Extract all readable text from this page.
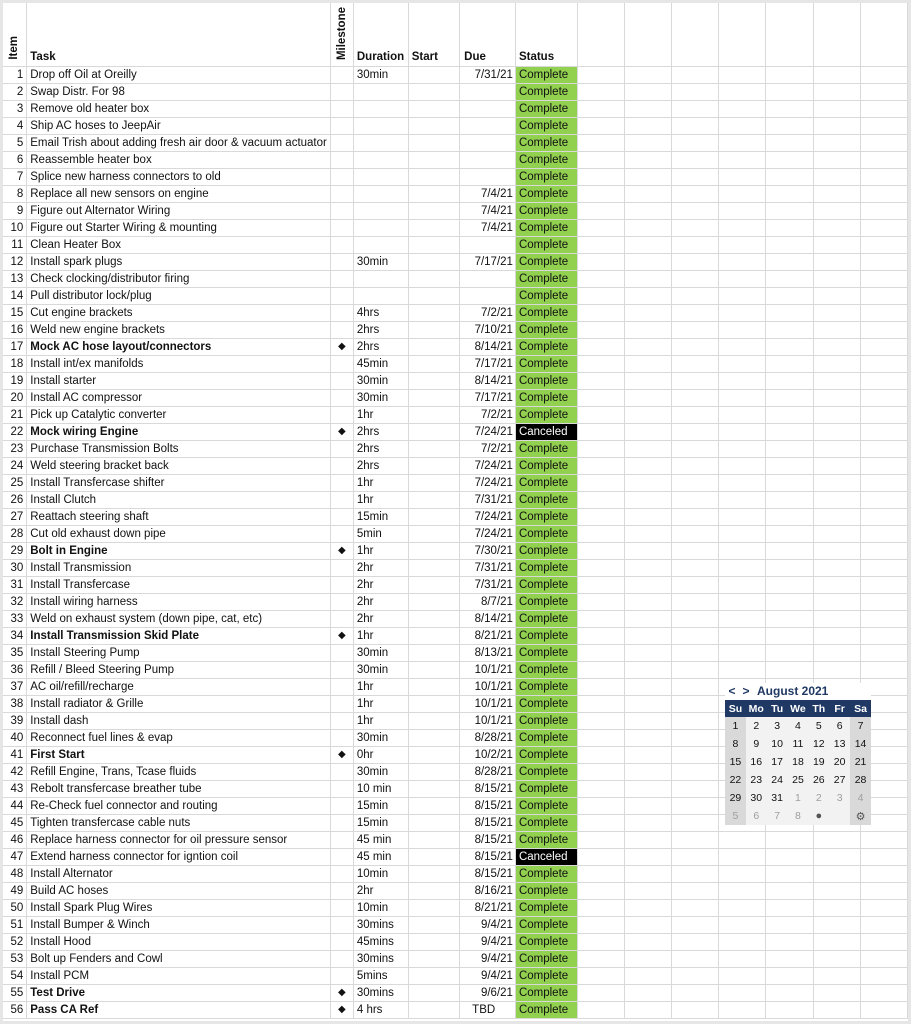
Item	Task	Milestone	Duration	Start	Due	Status							
1	Drop off Oil at Oreilly		30min		7/31/21	Complete							
2	Swap Distr. For 98					Complete							
3	Remove old heater box					Complete							
4	Ship AC hoses to JeepAir					Complete							
5	Email Trish about adding fresh air door & vacuum actuator					Complete							
6	Reassemble heater box					Complete							
7	Splice new harness connectors to old					Complete							
8	Replace all new sensors on engine				7/4/21	Complete							
9	Figure out Alternator Wiring				7/4/21	Complete							
10	Figure out Starter Wiring & mounting				7/4/21	Complete							
11	Clean Heater Box					Complete							
12	Install spark plugs		30min		7/17/21	Complete							
13	Check clocking/distributor firing					Complete							
14	Pull distributor lock/plug					Complete							
15	Cut engine brackets		4hrs		7/2/21	Complete							
16	Weld new engine brackets		2hrs		7/10/21	Complete							
17	Mock AC hose layout/connectors	◆	2hrs		8/14/21	Complete							
18	Install int/ex manifolds		45min		7/17/21	Complete							
19	Install starter		30min		8/14/21	Complete							
20	Install AC compressor		30min		7/17/21	Complete							
21	Pick up Catalytic converter		1hr		7/2/21	Complete							
22	Mock wiring Engine	◆	2hrs		7/24/21	Canceled							
23	Purchase Transmission Bolts		2hrs		7/2/21	Complete							
24	Weld steering bracket back		2hrs		7/24/21	Complete							
25	Install Transfercase shifter		1hr		7/24/21	Complete							
26	Install Clutch		1hr		7/31/21	Complete							
27	Reattach steering shaft		15min		7/24/21	Complete							
28	Cut old exhaust down pipe		5min		7/24/21	Complete							
29	Bolt in Engine	◆	1hr		7/30/21	Complete							
30	Install Transmission		2hr		7/31/21	Complete							
31	Install Transfercase		2hr		7/31/21	Complete							
32	Install wiring harness		2hr		8/7/21	Complete							
33	Weld on exhaust system (down pipe, cat, etc)		2hr		8/14/21	Complete							
34	Install Transmission Skid Plate	◆	1hr		8/21/21	Complete							
35	Install Steering Pump		30min		8/13/21	Complete							
36	Refill / Bleed Steering Pump		30min		10/1/21	Complete							
37	AC oil/refill/recharge		1hr		10/1/21	Complete							
38	Install radiator & Grille		1hr		10/1/21	Complete							
39	Install dash		1hr		10/1/21	Complete							
40	Reconnect fuel lines & evap		30min		8/28/21	Complete							
41	First Start	◆	0hr		10/2/21	Complete							
42	Refill Engine, Trans, Tcase fluids		30min		8/28/21	Complete							
43	Rebolt transfercase breather tube		10 min		8/15/21	Complete							
44	Re-Check fuel connector and routing		15min		8/15/21	Complete							
45	Tighten transfercase cable nuts		15min		8/15/21	Complete							
46	Replace harness connector for oil pressure sensor		45 min		8/15/21	Complete							
47	Extend harness connector for igntion coil		45 min		8/15/21	Canceled							
48	Install Alternator		10min		8/15/21	Complete							
49	Build AC hoses		2hr		8/16/21	Complete							
50	Install Spark Plug Wires		10min		8/21/21	Complete							
51	Install Bumper & Winch		30mins		9/4/21	Complete							
52	Install Hood		45mins		9/4/21	Complete							
53	Bolt up Fenders and Cowl		30mins		9/4/21	Complete							
54	Install PCM		5mins		9/4/21	Complete							
55	Test Drive	◆	30mins		9/6/21	Complete							
56	Pass CA Ref	◆	4 hrs		TBD	Complete							
< > August 2021
Su	Mo	Tu	We	Th	Fr	Sa
1	2	3	4	5	6	7
8	9	10	11	12	13	14
15	16	17	18	19	20	21
22	23	24	25	26	27	28
29	30	31	1	2	3	4
5	6	7	8	●		⚙
